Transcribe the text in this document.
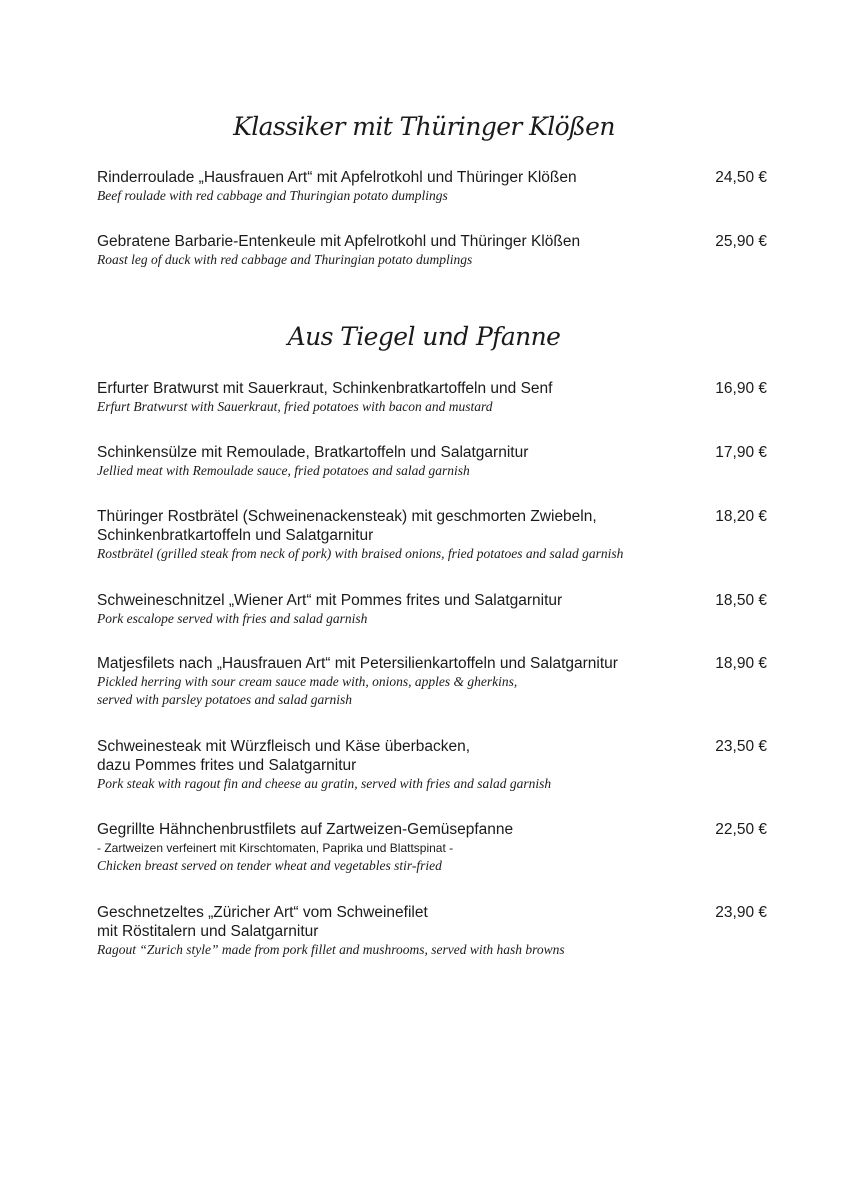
Klassiker mit Thüringer Klößen
Rinderroulade „Hausfrauen Art“ mit Apfelrotkohl und Thüringer Klößen
Beef roulade with red cabbage and Thuringian potato dumplings
24,50 €
Gebratene Barbarie-Entenkeule mit Apfelrotkohl und Thüringer Klößen
Roast leg of duck with red cabbage and Thuringian potato dumplings
25,90 €
Aus Tiegel und Pfanne
Erfurter Bratwurst mit Sauerkraut, Schinkenbratkartoffeln und Senf
Erfurt Bratwurst with Sauerkraut, fried potatoes with bacon and mustard
16,90 €
Schinkensülze mit Remoulade, Bratkartoffeln und Salatgarnitur
Jellied meat with Remoulade sauce, fried potatoes and salad garnish
17,90 €
Thüringer Rostbrätel (Schweinenackensteak) mit geschmorten Zwiebeln,
Schinkenbratkartoffeln und Salatgarnitur
Rostbrätel (grilled steak from neck of pork) with braised onions, fried potatoes and salad garnish
18,20 €
Schweineschnitzel „Wiener Art“ mit Pommes frites und Salatgarnitur
Pork escalope served with fries and salad garnish
18,50 €
Matjesfilets nach „Hausfrauen Art“ mit Petersilienkartoffeln und Salatgarnitur
Pickled herring with sour cream sauce made with, onions, apples & gherkins,
served with parsley potatoes and salad garnish
18,90 €
Schweinesteak mit Würzfleisch und Käse überbacken,
dazu Pommes frites und Salatgarnitur
Pork steak with ragout fin and cheese au gratin, served with fries and salad garnish
23,50 €
Gegrillte Hähnchenbrustfilets auf Zartweizen-Gemüsepfanne
- Zartweizen verfeinert mit Kirschtomaten, Paprika und Blattspinat -
Chicken breast served on tender wheat and vegetables stir-fried
22,50 €
Geschnetzeltes „Züricher Art“ vom Schweinefilet
mit Röstitalern und Salatgarnitur
Ragout “Zurich style” made from pork fillet and mushrooms, served with hash browns
23,90 €
